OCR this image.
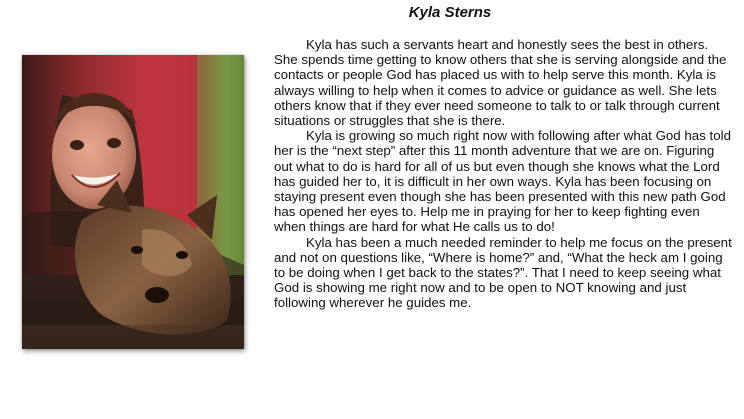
Kyla Sterns

Kyla has such a servants heart and honestly sees the best in others. She spends time getting to know others that she is serving alongside and the contacts or people God has placed us with to help serve this month. Kyla is always willing to help when it comes to advice or guidance as well. She lets others know that if they ever need someone to talk to or talk through current situations or struggles that she is there.

Kyla is growing so much right now with following after what God has told her is the “next step” after this 11 month adventure that we are on. Figuring out what to do is hard for all of us but even though she knows what the Lord has guided her to, it is difficult in her own ways. Kyla has been focusing on staying present even though she has been presented with this new path God has opened her eyes to. Help me in praying for her to keep fighting even when things are hard for what He calls us to do!

Kyla has been a much needed reminder to help me focus on the present and not on questions like, “Where is home?” and, “What the heck am I going to be doing when I get back to the states?”. That I need to keep seeing what God is showing me right now and to be open to NOT knowing and just following wherever he guides me.
